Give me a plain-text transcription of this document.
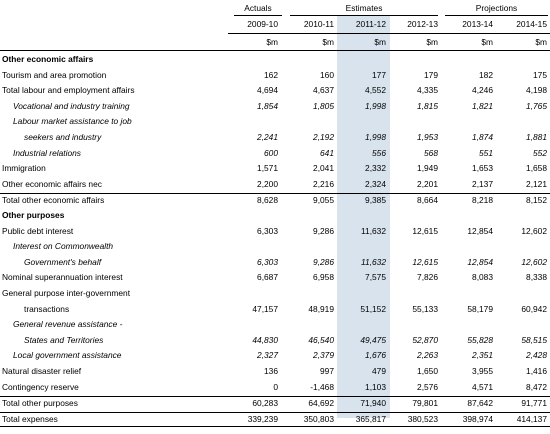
Actuals	Estimates	Projections
2009-10	2010-11	2011-12	2012-13	2013-14	2014-15
$m	$m	$m	$m	$m	$m
Other economic affairs
Tourism and area promotion	162	160	177	179	182	175
Total labour and employment affairs	4,694	4,637	4,552	4,335	4,246	4,198
Vocational and industry training	1,854	1,805	1,998	1,815	1,821	1,765
Labour market assistance to job
seekers and industry	2,241	2,192	1,998	1,953	1,874	1,881
Industrial relations	600	641	556	568	551	552
Immigration	1,571	2,041	2,332	1,949	1,653	1,658
Other economic affairs nec	2,200	2,216	2,324	2,201	2,137	2,121
Total other economic affairs	8,628	9,055	9,385	8,664	8,218	8,152
Other purposes
Public debt interest	6,303	9,286	11,632	12,615	12,854	12,602
Interest on Commonwealth
Government's behalf	6,303	9,286	11,632	12,615	12,854	12,602
Nominal superannuation interest	6,687	6,958	7,575	7,826	8,083	8,338
General purpose inter-government
transactions	47,157	48,919	51,152	55,133	58,179	60,942
General revenue assistance -
States and Territories	44,830	46,540	49,475	52,870	55,828	58,515
Local government assistance	2,327	2,379	1,676	2,263	2,351	2,428
Natural disaster relief	136	997	479	1,650	3,955	1,416
Contingency reserve	0	-1,468	1,103	2,576	4,571	8,472
Total other purposes	60,283	64,692	71,940	79,801	87,642	91,771
Total expenses	339,239	350,803	365,817	380,523	398,974	414,137
